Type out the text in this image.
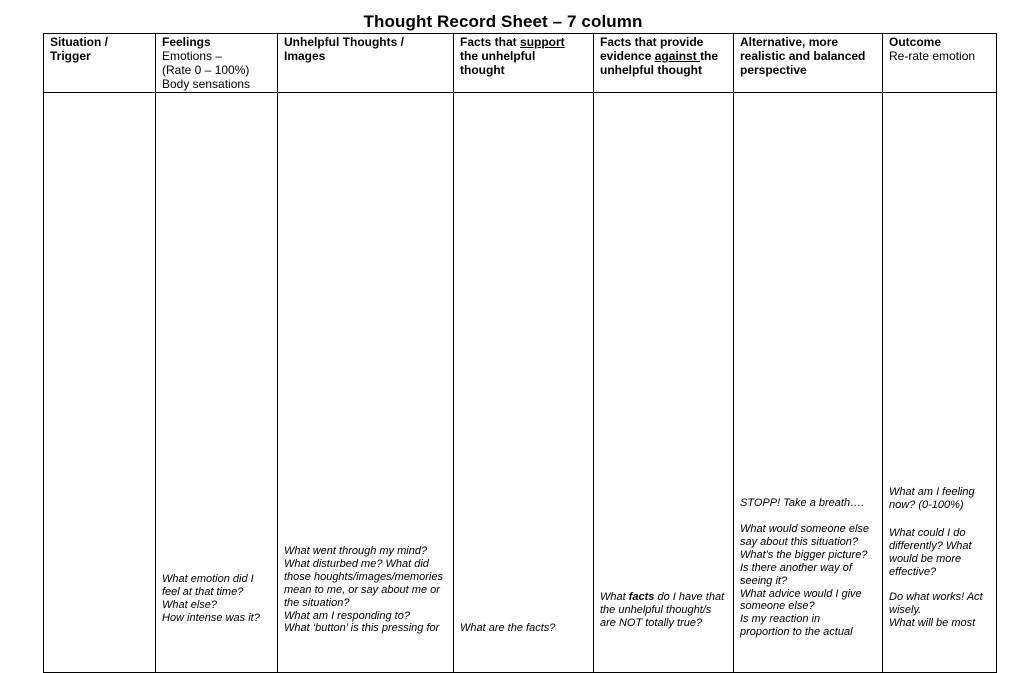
Thought Record Sheet – 7 column
Situation /
Trigger
Feelings
Emotions –
(Rate 0 – 100%)
Body sensations
Unhelpful Thoughts /
Images
Facts that support
the unhelpful
thought
Facts that provide
evidence against the
unhelpful thought
Alternative, more
realistic and balanced
perspective
Outcome
Re-rate emotion
What emotion did I
feel at that time?
What else?
How intense was it?
What went through my mind?
What disturbed me? What did
those houghts/images/memories
mean to me, or say about me or
the situation?
What am I responding to?
What ‘button’ is this pressing for	What are the facts?
What facts do I have that
the unhelpful thought/s
are NOT totally true?
STOPP! Take a breath….
What would someone else
say about this situation?
What's the bigger picture?
Is there another way of
seeing it?
What advice would I give
someone else?
Is my reaction in
proportion to the actual
What am I feeling
now? (0-100%)
What could I do
differently? What
would be more
effective?
Do what works! Act
wisely.
What will be most
